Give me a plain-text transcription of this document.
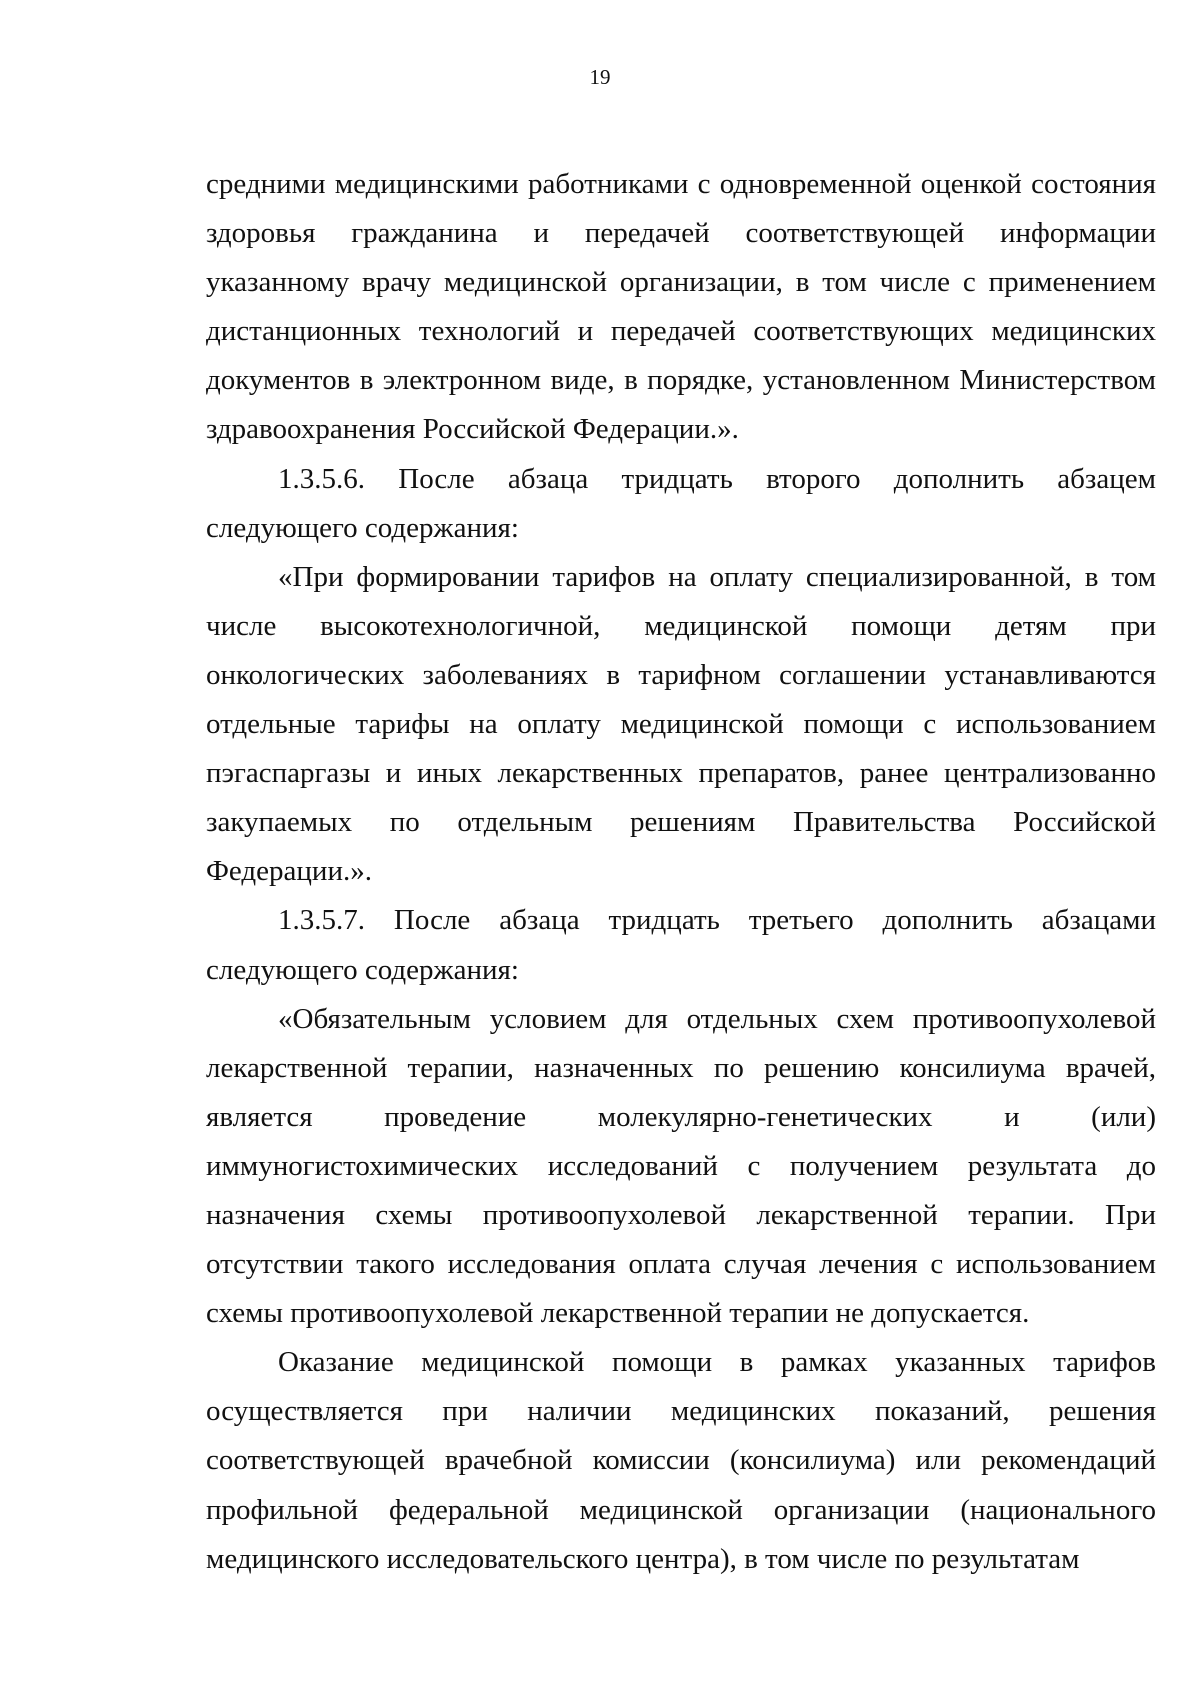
19

средними медицинскими работниками с одновременной оценкой состояния здоровья гражданина и передачей соответствующей информации указанному врачу медицинской организации, в том числе с применением дистанционных технологий и передачей соответствующих медицинских документов в электронном виде, в порядке, установленном Министерством здравоохранения Российской Федерации.».

1.3.5.6. После абзаца тридцать второго дополнить абзацем следующего содержания:

«При формировании тарифов на оплату специализированной, в том числе высокотехнологичной, медицинской помощи детям при онкологических заболеваниях в тарифном соглашении устанавливаются отдельные тарифы на оплату медицинской помощи с использованием пэгаспаргазы и иных лекарственных препаратов, ранее централизованно закупаемых по отдельным решениям Правительства Российской Федерации.».

1.3.5.7. После абзаца тридцать третьего дополнить абзацами следующего содержания:

«Обязательным условием для отдельных схем противоопухолевой лекарственной терапии, назначенных по решению консилиума врачей, является проведение молекулярно-генетических и (или) иммуногистохимических исследований с получением результата до назначения схемы противоопухолевой лекарственной терапии. При отсутствии такого исследования оплата случая лечения с использованием схемы противоопухолевой лекарственной терапии не допускается.

Оказание медицинской помощи в рамках указанных тарифов осуществляется при наличии медицинских показаний, решения соответствующей врачебной комиссии (консилиума) или рекомендаций профильной федеральной медицинской организации (национального медицинского исследовательского центра), в том числе по результатам
